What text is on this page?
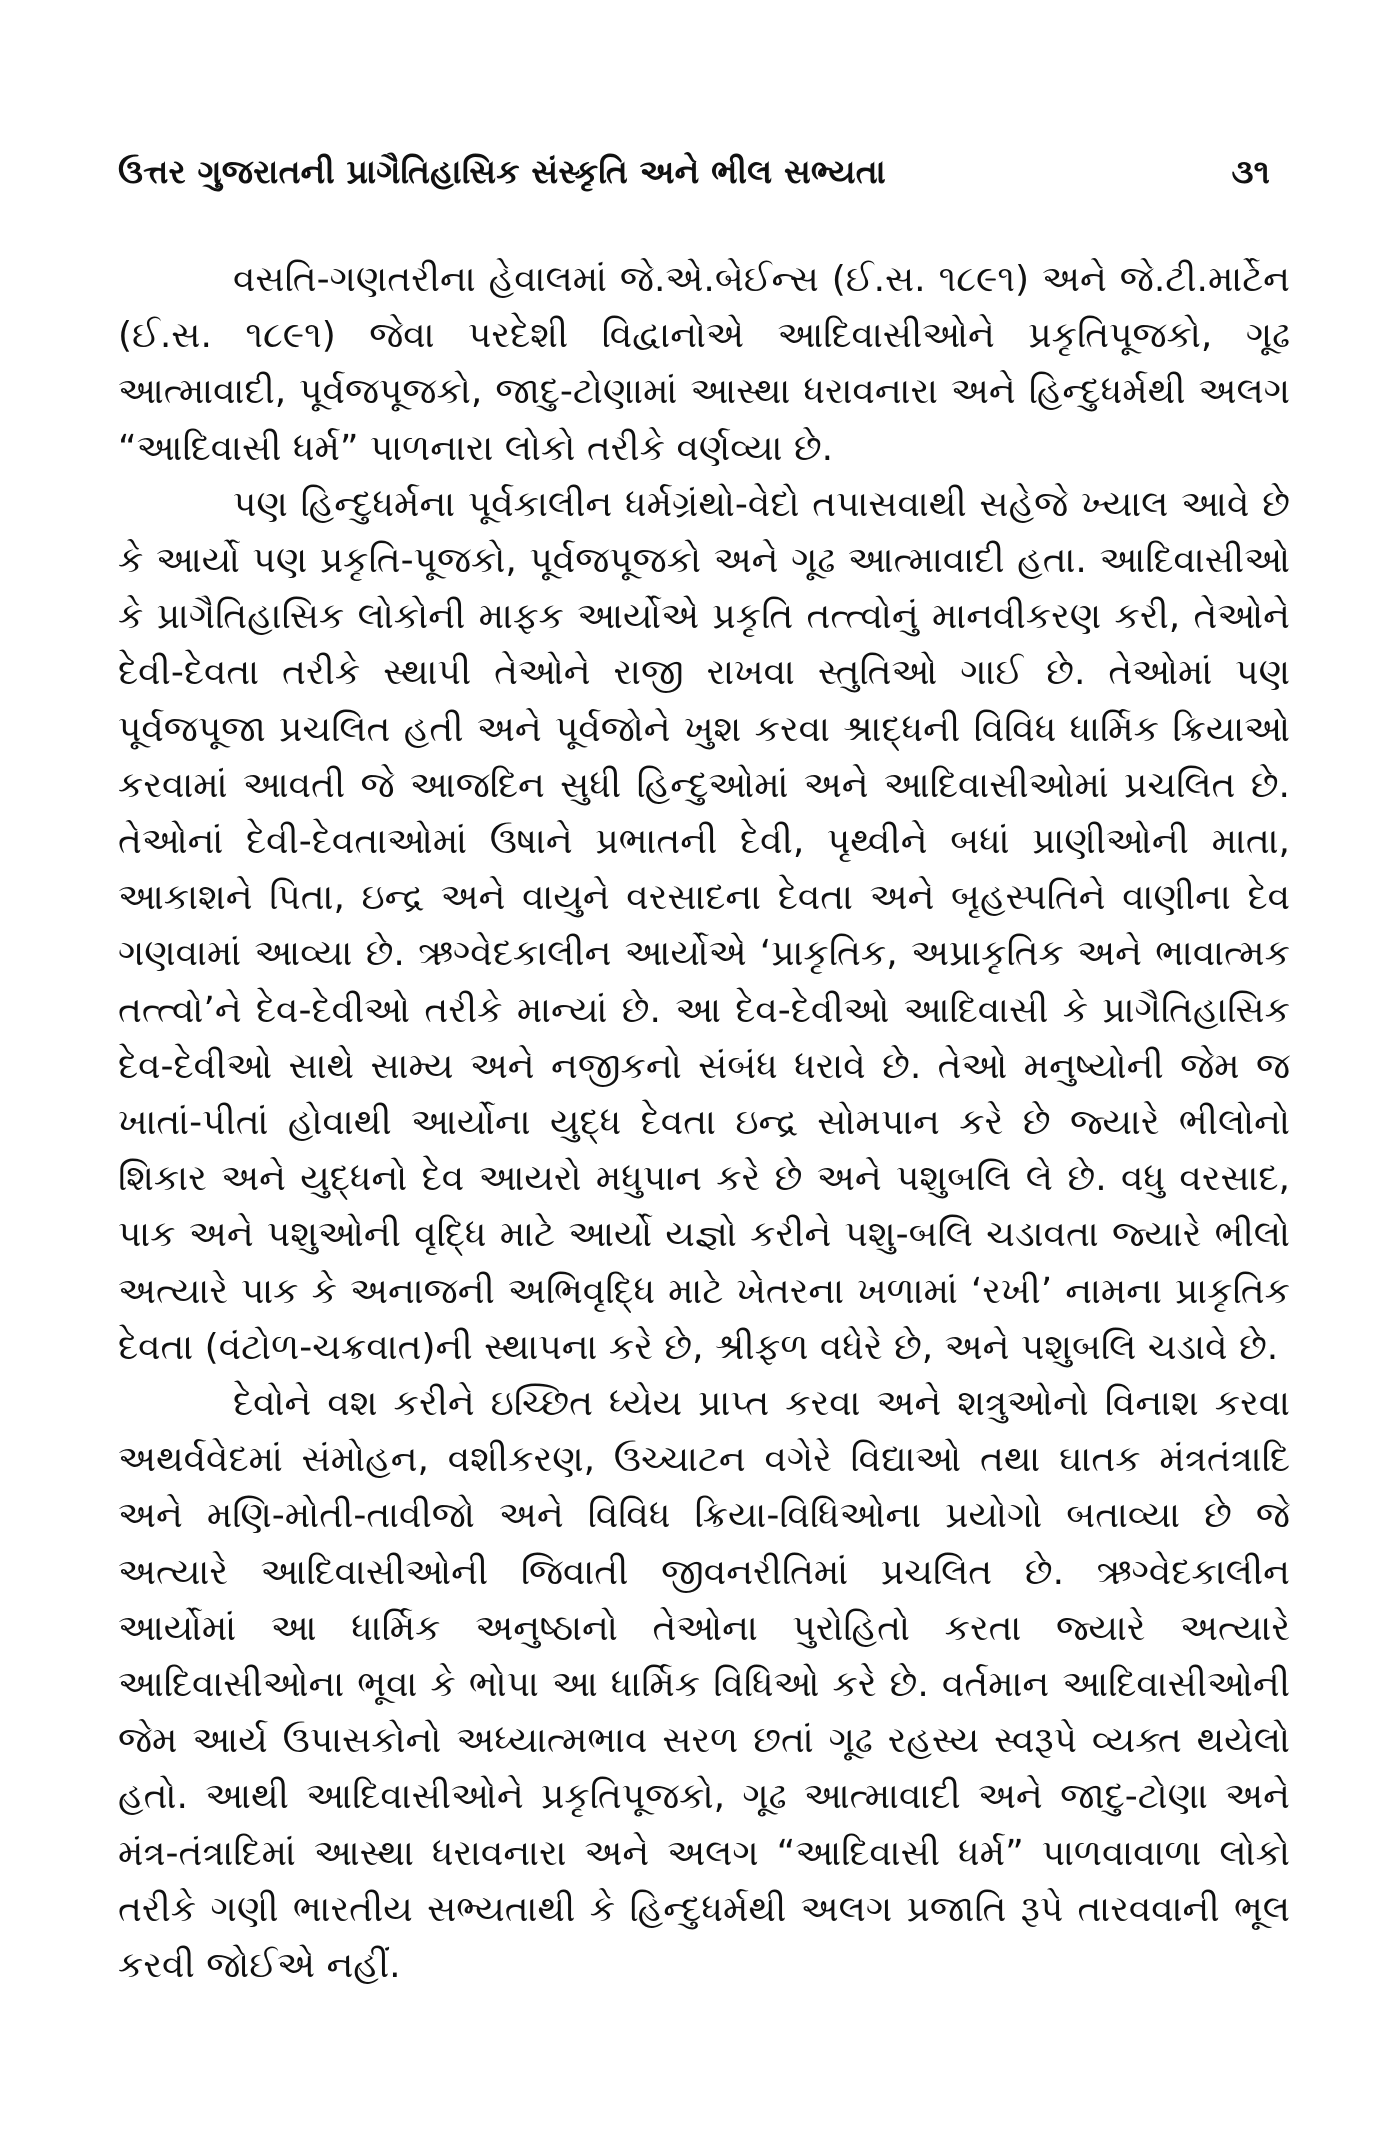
ઉત્તર ગુજરાતની પ્રાગૈતિહાસિક સંસ્કૃતિ અને ભીલ સભ્યતા	૩૧

વસતિ-ગણતરીના હેવાલમાં જે.એ.બેઈન્સ (ઈ.સ. ૧૮૯૧) અને જે.ટી.માર્ટેન (ઈ.સ. ૧૮૯૧) જેવા પરદેશી વિદ્વાનોએ આદિવાસીઓને પ્રકૃતિપૂજકો, ગૂઢ આત્માવાદી, પૂર્વજપૂજકો, જાદુ-ટોણામાં આસ્થા ધરાવનારા અને હિન્દુધર્મથી અલગ “આદિવાસી ધર્મ” પાળનારા લોકો તરીકે વર્ણવ્યા છે.

પણ હિન્દુધર્મના પૂર્વકાલીન ધર્મગ્રંથો-વેદો તપાસવાથી સહેજે ખ્યાલ આવે છે કે આર્યો પણ પ્રકૃતિ-પૂજકો, પૂર્વજપૂજકો અને ગૂઢ આત્માવાદી હતા. આદિવાસીઓ કે પ્રાગૈતિહાસિક લોકોની માફક આર્યોએ પ્રકૃતિ તત્ત્વોનું માનવીકરણ કરી, તેઓને દેવી-દેવતા તરીકે સ્થાપી તેઓને રાજી રાખવા સ્તુતિઓ ગાઈ છે. તેઓમાં પણ પૂર્વજપૂજા પ્રચલિત હતી અને પૂર્વજોને ખુશ કરવા શ્રાદ્ધની વિવિધ ધાર્મિક ક્રિયાઓ કરવામાં આવતી જે આજદિન સુધી હિન્દુઓમાં અને આદિવાસીઓમાં પ્રચલિત છે. તેઓનાં દેવી-દેવતાઓમાં ઉષાને પ્રભાતની દેવી, પૃથ્વીને બધાં પ્રાણીઓની માતા, આકાશને પિતા, ઇન્દ્ર અને વાયુને વરસાદના દેવતા અને બૃહસ્પતિને વાણીના દેવ ગણવામાં આવ્યા છે. ઋગ્વેદકાલીન આર્યોએ ‘પ્રાકૃતિક, અપ્રાકૃતિક અને ભાવાત્મક તત્ત્વો’ને દેવ-દેવીઓ તરીકે માન્યાં છે. આ દેવ-દેવીઓ આદિવાસી કે પ્રાગૈતિહાસિક દેવ-દેવીઓ સાથે સામ્ય અને નજીકનો સંબંધ ધરાવે છે. તેઓ મનુષ્યોની જેમ જ ખાતાં-પીતાં હોવાથી આર્યોના યુદ્ધ દેવતા ઇન્દ્ર સોમપાન કરે છે જ્યારે ભીલોનો શિકાર અને યુદ્ધનો દેવ આયરો મધુપાન કરે છે અને પશુબલિ લે છે. વધુ વરસાદ, પાક અને પશુઓની વૃદ્ધિ માટે આર્યો યજ્ઞો કરીને પશુ-બલિ ચડાવતા જ્યારે ભીલો અત્યારે પાક કે અનાજની અભિવૃદ્ધિ માટે ખેતરના ખળામાં ‘રખી’ નામના પ્રાકૃતિક દેવતા (વંટોળ-ચક્રવાત)ની સ્થાપના કરે છે, શ્રીફળ વધેરે છે, અને પશુબલિ ચડાવે છે.

દેવોને વશ કરીને ઇચ્છિત ધ્યેય પ્રાપ્ત કરવા અને શત્રુઓનો વિનાશ કરવા અથર્વવેદમાં સંમોહન, વશીકરણ, ઉચ્ચાટન વગેરે વિદ્યાઓ તથા ઘાતક મંત્રતંત્રાદિ અને મણિ-મોતી-તાવીજો અને વિવિધ ક્રિયા-વિધિઓના પ્રયોગો બતાવ્યા છે જે અત્યારે આદિવાસીઓની જિવાતી જીવનરીતિમાં પ્રચલિત છે. ઋગ્વેદકાલીન આર્યોમાં આ ધાર્મિક અનુષ્ઠાનો તેઓના પુરોહિતો કરતા જ્યારે અત્યારે આદિવાસીઓના ભૂવા કે ભોપા આ ધાર્મિક વિધિઓ કરે છે. વર્તમાન આદિવાસીઓની જેમ આર્ય ઉપાસકોનો અધ્યાત્મભાવ સરળ છતાં ગૂઢ રહસ્ય સ્વરૂપે વ્યક્ત થયેલો હતો. આથી આદિવાસીઓને પ્રકૃતિપૂજકો, ગૂઢ આત્માવાદી અને જાદુ-ટોણા અને મંત્ર-તંત્રાદિમાં આસ્થા ધરાવનારા અને અલગ “આદિવાસી ધર્મ” પાળવાવાળા લોકો તરીકે ગણી ભારતીય સભ્યતાથી કે હિન્દુધર્મથી અલગ પ્રજાતિ રૂપે તારવવાની ભૂલ કરવી જોઈએ નહીં.
